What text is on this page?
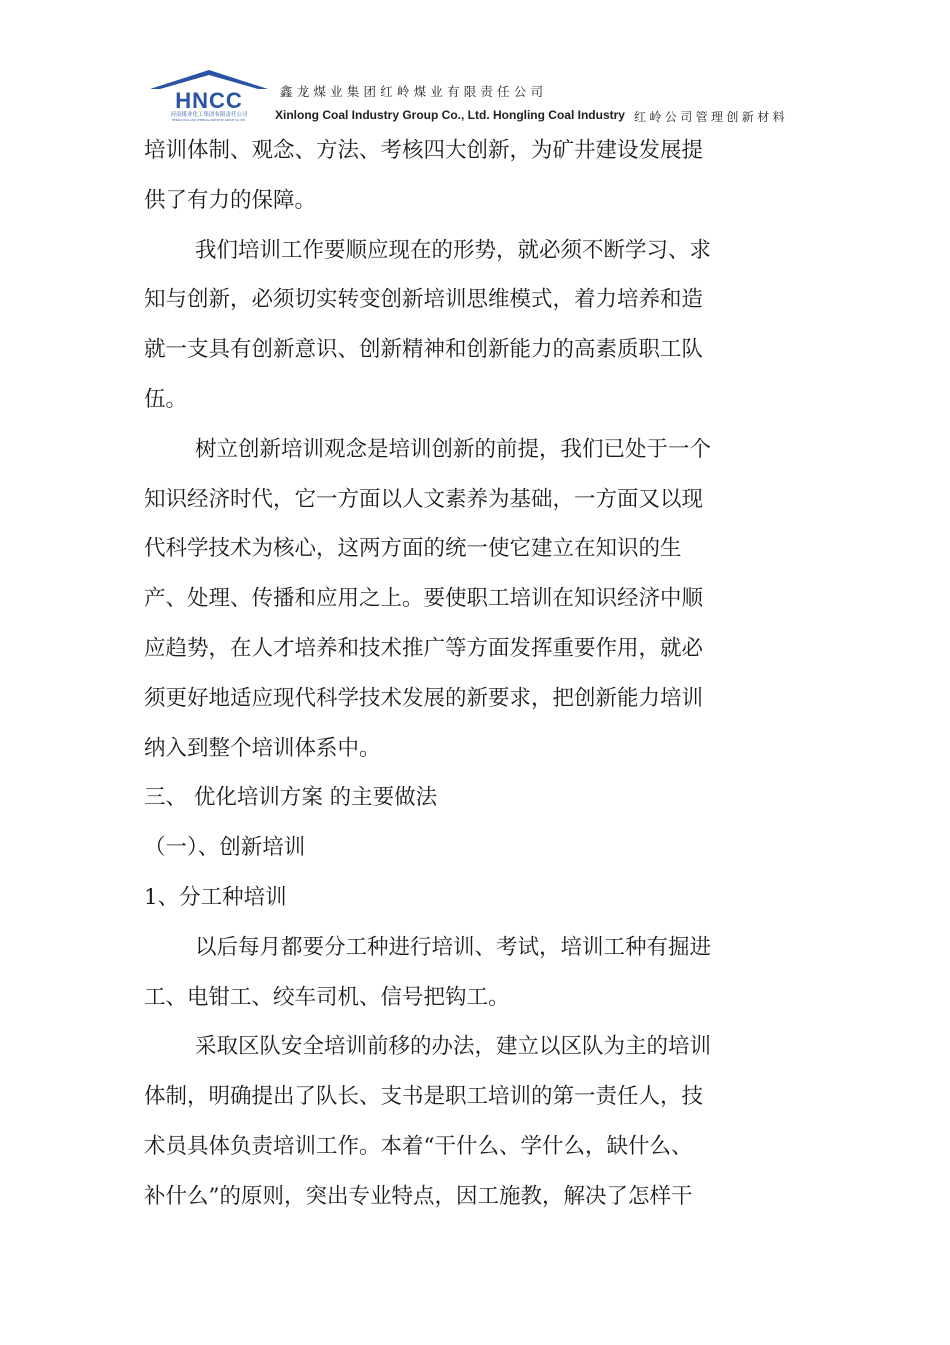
HNCC
河南煤业化工集团有限责任公司
HENAN COAL AND CHEMICAL INDUSTRY GROUP CO.,LTD.
鑫龙煤业集团红岭煤业有限责任公司
Xinlong Coal Industry Group Co., Ltd. Hongling Coal Industry 红岭公司管理创新材料
培训体制、观念、方法、考核四大创新，为矿井建设发展提
供了有力的保障。
我们培训工作要顺应现在的形势，就必须不断学习、求
知与创新，必须切实转变创新培训思维模式，着力培养和造
就一支具有创新意识、创新精神和创新能力的高素质职工队
伍。
树立创新培训观念是培训创新的前提，我们已处于一个
知识经济时代，它一方面以人文素养为基础，一方面又以现
代科学技术为核心，这两方面的统一使它建立在知识的生
产、处理、传播和应用之上。要使职工培训在知识经济中顺
应趋势，在人才培养和技术推广等方面发挥重要作用，就必
须更好地适应现代科学技术发展的新要求，把创新能力培训
纳入到整个培训体系中。
三、 优化培训方案 的主要做法
（一）、创新培训
1、分工种培训
以后每月都要分工种进行培训、考试，培训工种有掘进
工、电钳工、绞车司机、信号把钩工。
采取区队安全培训前移的办法，建立以区队为主的培训
体制，明确提出了队长、支书是职工培训的第一责任人，技
术员具体负责培训工作。本着“干什么、学什么，缺什么、
补什么”的原则，突出专业特点，因工施教，解决了怎样干
